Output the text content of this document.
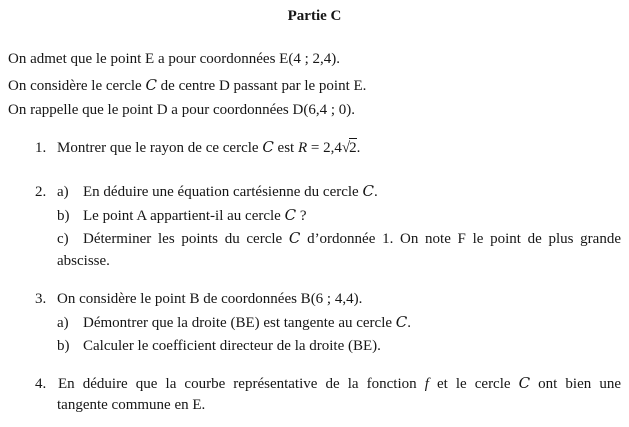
Partie C
On admet que le point E a pour coordonnées E(4 ; 2,4).
On considère le cercle C de centre D passant par le point E.
On rappelle que le point D a pour coordonnées D(6,4 ; 0).
1. Montrer que le rayon de ce cercle C est R = 2,4√2.
2. a) En déduire une équation cartésienne du cercle C.
b) Le point A appartient-il au cercle C ?
c) Déterminer les points du cercle C d’ordonnée 1. On note F le point de plus grande
abscisse.
3. On considère le point B de coordonnées B(6 ; 4,4).
a) Démontrer que la droite (BE) est tangente au cercle C.
b) Calculer le coefficient directeur de la droite (BE).
4. En déduire que la courbe représentative de la fonction f et le cercle C ont bien une
tangente commune en E.
